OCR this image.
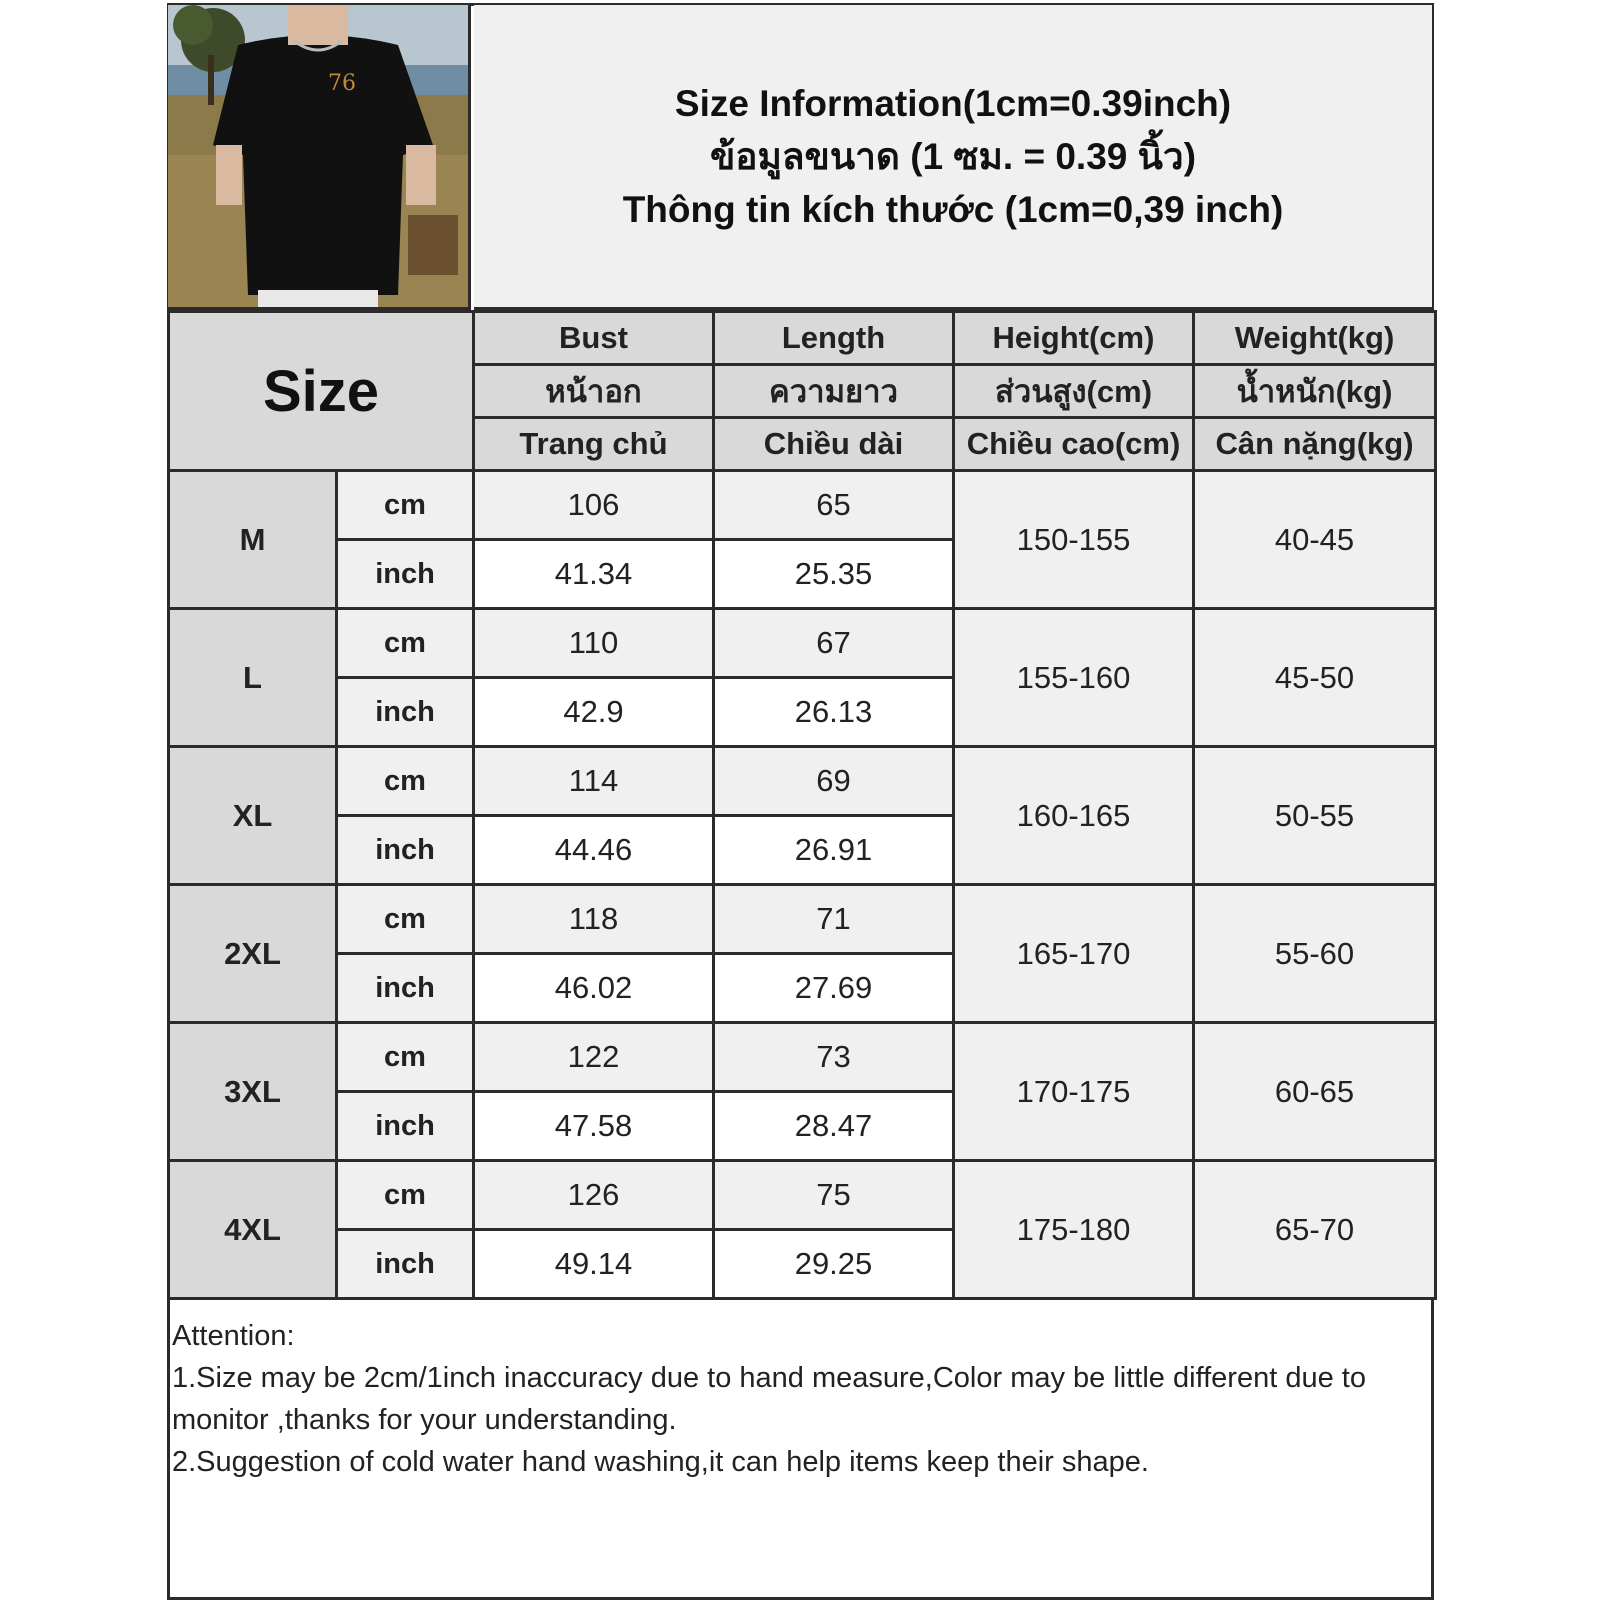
76	Size Information(1cm=0.39inch)
ข้อมูลขนาด (1 ซม. = 0.39 นิ้ว)
Thông tin kích thước (1cm=0,39 inch)
Size		Bust	Length	Height(cm)	Weight(kg)
		หน้าอก	ความยาว	ส่วนสูง(cm)	น้ำหนัก(kg)
		Trang chủ	Chiều dài	Chiều cao(cm)	Cân nặng(kg)
M	cm	106	65	150-155	40-45
	inch	41.34	25.35		
L	cm	110	67	155-160	45-50
	inch	42.9	26.13		
XL	cm	114	69	160-165	50-55
	inch	44.46	26.91		
2XL	cm	118	71	165-170	55-60
	inch	46.02	27.69		
3XL	cm	122	73	170-175	60-65
	inch	47.58	28.47		
4XL	cm	126	75	175-180	65-70
	inch	49.14	29.25		

Attention:

1.Size may be 2cm/1inch inaccuracy due to hand measure,Color may be little different due to monitor ,thanks for your understanding.

2.Suggestion of cold water hand washing,it can help items keep their shape.
